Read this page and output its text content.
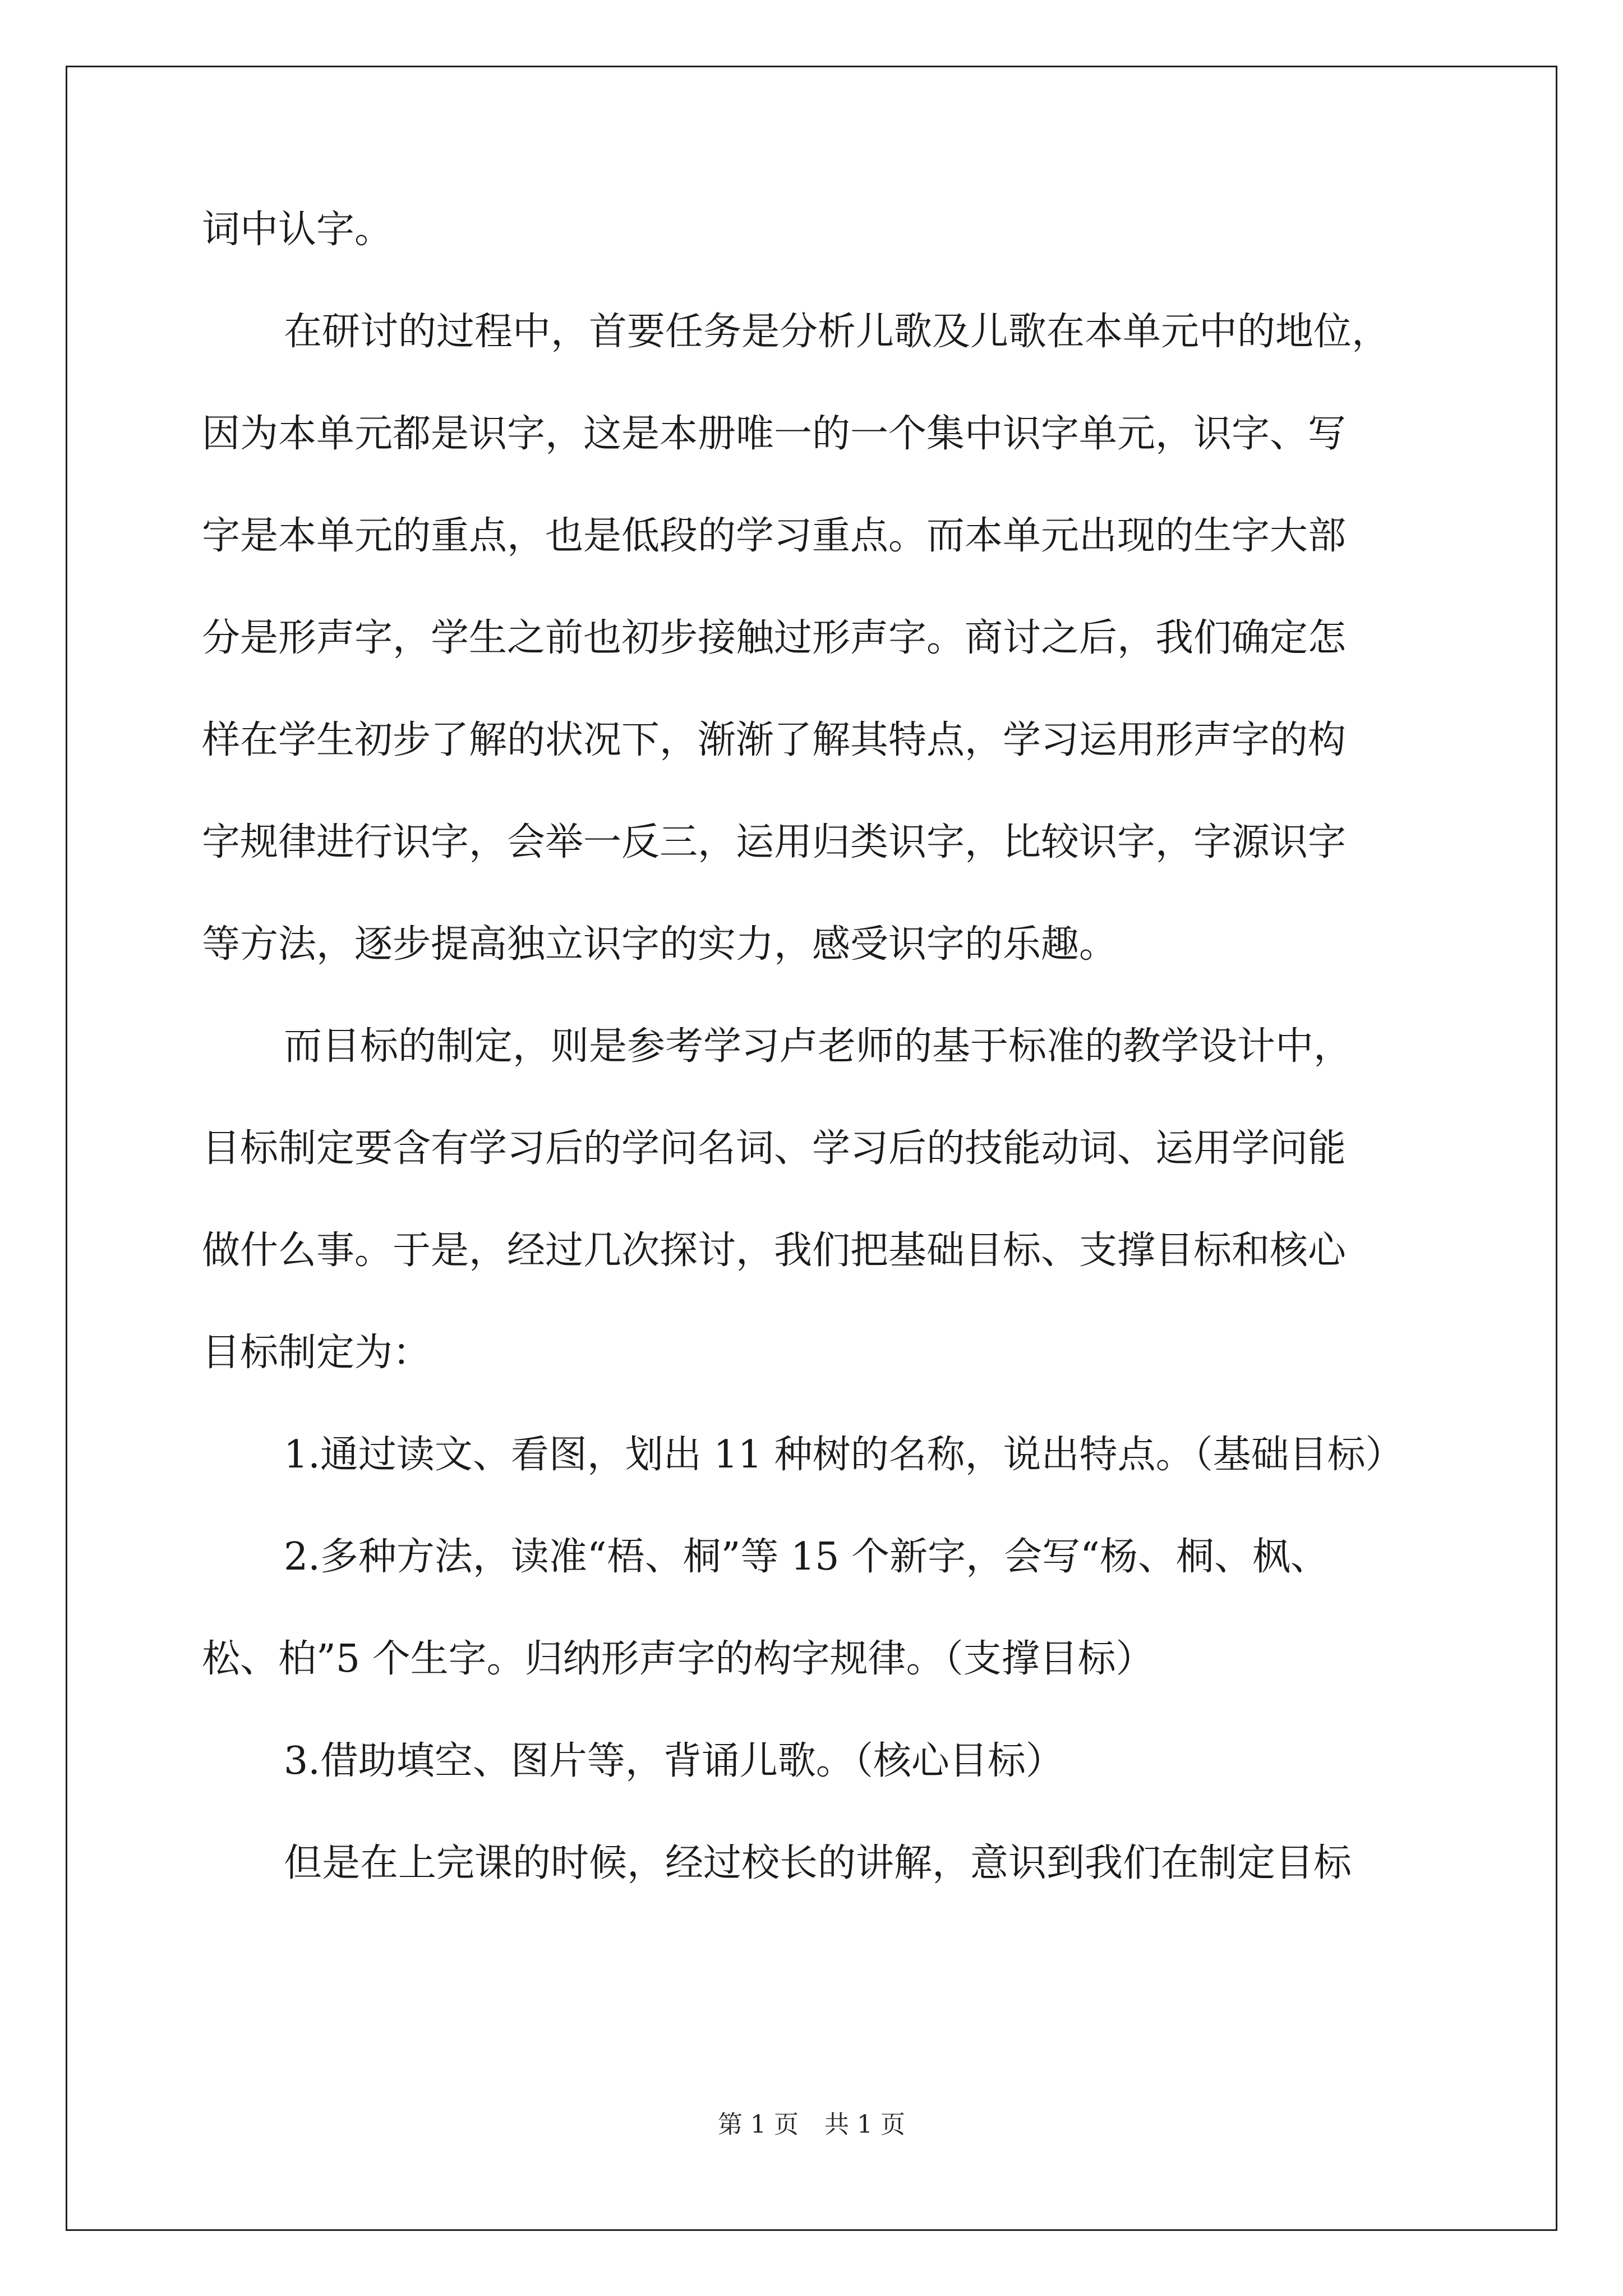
词中认字。
在研讨的过程中，首要任务是分析儿歌及儿歌在本单元中的地位，
因为本单元都是识字，这是本册唯一的一个集中识字单元，识字、写
字是本单元的重点，也是低段的学习重点。而本单元出现的生字大部
分是形声字，学生之前也初步接触过形声字。商讨之后，我们确定怎
样在学生初步了解的状况下，渐渐了解其特点，学习运用形声字的构
字规律进行识字，会举一反三，运用归类识字，比较识字，字源识字
等方法，逐步提高独立识字的实力，感受识字的乐趣。
而目标的制定，则是参考学习卢老师的基于标准的教学设计中，
目标制定要含有学习后的学问名词、学习后的技能动词、运用学问能
做什么事。于是，经过几次探讨，我们把基础目标、支撑目标和核心
目标制定为：
1.通过读文、看图，划出 11 种树的名称，说出特点。（基础目标）
2.多种方法，读准“梧、桐”等 15 个新字，会写“杨、桐、枫、
松、柏”5 个生字。归纳形声字的构字规律。（支撑目标）
3.借助填空、图片等，背诵儿歌。（核心目标）
但是在上完课的时候，经过校长的讲解，意识到我们在制定目标
第 1 页 共 1 页
